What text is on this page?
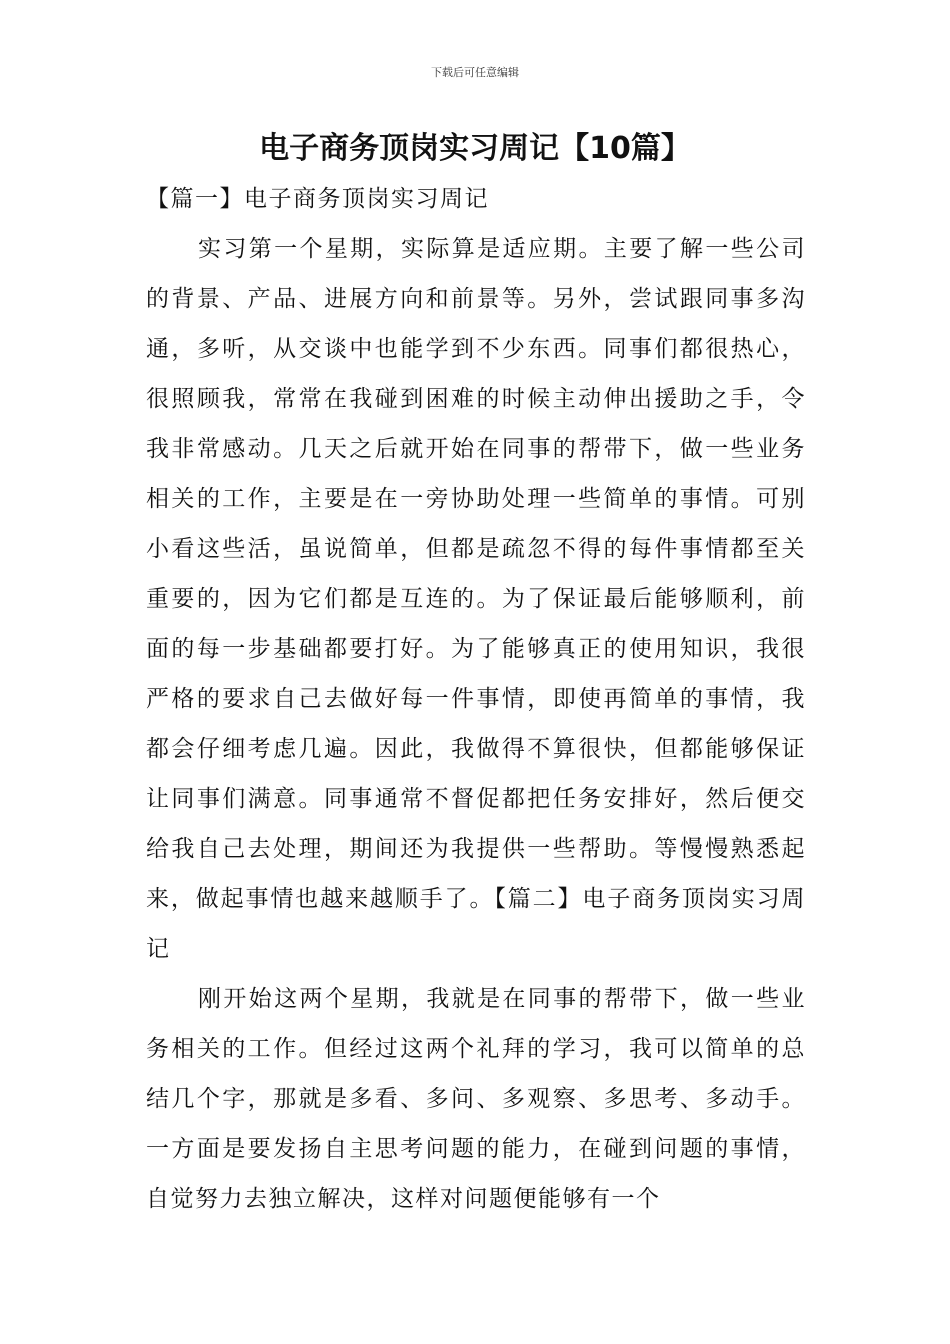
下载后可任意编辑
电子商务顶岗实习周记【10篇】

【篇一】电子商务顶岗实习周记

实习第一个星期，实际算是适应期。主要了解一些公司的背景、产品、进展方向和前景等。另外，尝试跟同事多沟通，多听，从交谈中也能学到不少东西。同事们都很热心，很照顾我，常常在我碰到困难的时候主动伸出援助之手，令我非常感动。几天之后就开始在同事的帮带下，做一些业务相关的工作，主要是在一旁协助处理一些简单的事情。可别小看这些活，虽说简单，但都是疏忽不得的每件事情都至关重要的，因为它们都是互连的。为了保证最后能够顺利，前面的每一步基础都要打好。为了能够真正的使用知识，我很严格的要求自己去做好每一件事情，即使再简单的事情，我都会仔细考虑几遍。因此，我做得不算很快，但都能够保证让同事们满意。同事通常不督促都把任务安排好，然后便交给我自己去处理，期间还为我提供一些帮助。等慢慢熟悉起来，做起事情也越来越顺手了。【篇二】电子商务顶岗实习周记

刚开始这两个星期，我就是在同事的帮带下，做一些业务相关的工作。但经过这两个礼拜的学习，我可以简单的总结几个字，那就是多看、多问、多观察、多思考、多动手。一方面是要发扬自主思考问题的能力，在碰到问题的事情，自觉努力去独立解决，这样对问题便能够有一个
